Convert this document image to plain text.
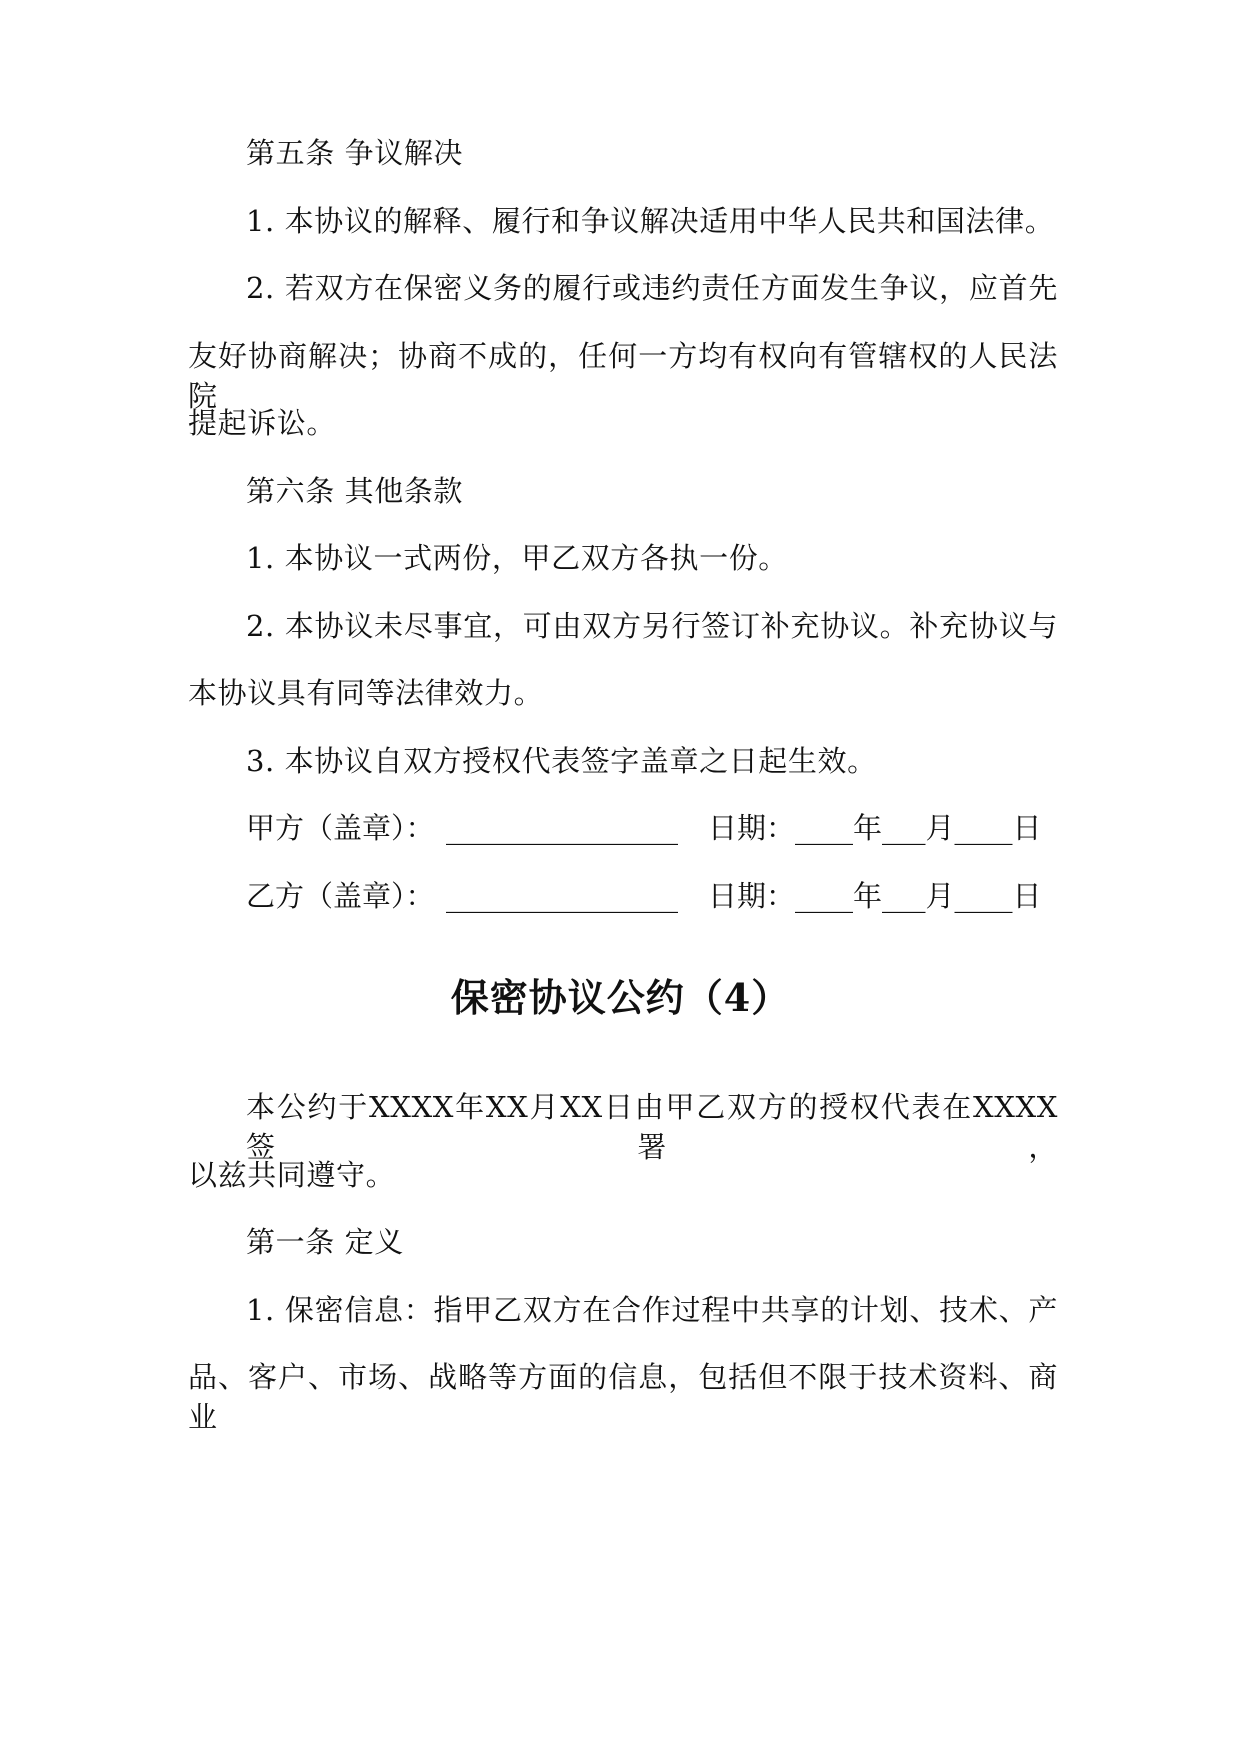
第五条 争议解决
1. 本协议的解释、履行和争议解决适用中华人民共和国法律。
2. 若双方在保密义务的履行或违约责任方面发生争议，应首先
友好协商解决；协商不成的，任何一方均有权向有管辖权的人民法院
提起诉讼。
第六条 其他条款
1. 本协议一式两份，甲乙双方各执一份。
2. 本协议未尽事宜，可由双方另行签订补充协议。补充协议与
本协议具有同等法律效力。
3. 本协议自双方授权代表签字盖章之日起生效。
甲方（盖章）： ________________ 日期：____年___月____日
乙方（盖章）： ________________ 日期：____年___月____日
保密协议公约（4）
本公约于XXXX年XX月XX日由甲乙双方的授权代表在XXXX签署，
以兹共同遵守。
第一条 定义
1. 保密信息：指甲乙双方在合作过程中共享的计划、技术、产
品、客户、市场、战略等方面的信息，包括但不限于技术资料、商业
